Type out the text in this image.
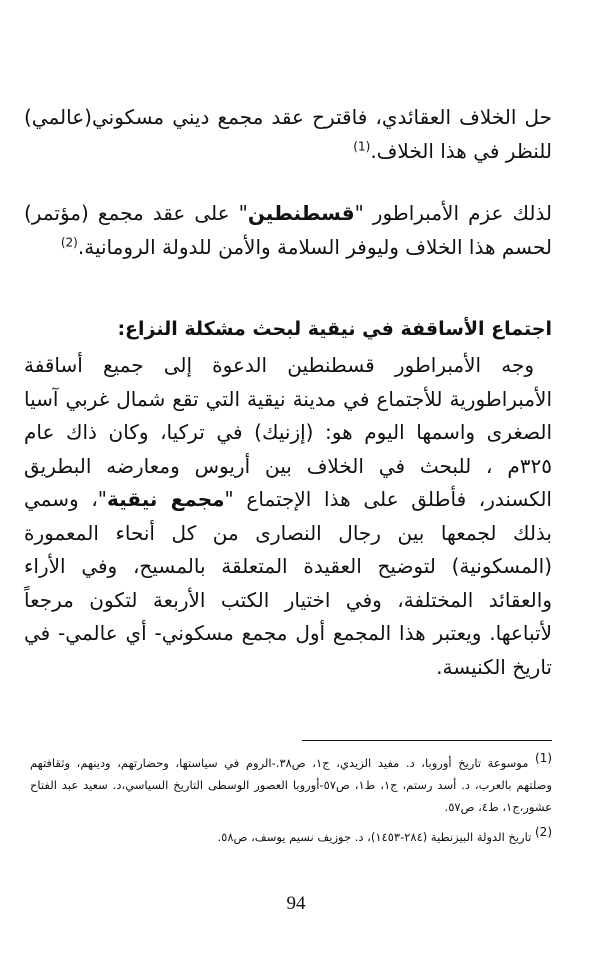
حل الخلاف العقائدي، فاقترح عقد مجمع ديني مسكوني(عالمي) للنظر في هذا الخلاف.$^{(1)}$

لذلك عزم الأمبراطور "قسطنطين" على عقد مجمع (مؤتمر) لحسم هذا الخلاف وليوفر السلامة والأمن للدولة الرومانية.$^{(2)}$

اجتماع الأساقفة في نيقية لبحث مشكلة النزاع:

وجه الأمبراطور قسطنطين الدعوة إلى جميع أساقفة الأمبراطورية للأجتماع في مدينة نيقية التي تقع شمال غربي آسيا الصغرى واسمها اليوم هو: (إزنيك) في تركيا، وكان ذاك عام ٣٢٥م ، للبحث في الخلاف بين أريوس ومعارضه البطريق الكسندر، فأطلق على هذا الإجتماع "مجمع نيقية"، وسمي بذلك لجمعها بين رجال النصارى من كل أنحاء المعمورة (المسكونية) لتوضيح العقيدة المتعلقة بالمسيح، وفي الأراء والعقائد المختلفة، وفي اختيار الكتب الأربعة لتكون مرجعاً لأتباعها. ويعتبر هذا المجمع أول مجمع مسكوني- أي عالمي- في تاريخ الكنيسة.

$^{(1)}$ موسوعة تاريخ أوروبا، د. مفيد الزيدي، ج١، ص٣٨.-الروم في سياستها، وحضارتهم، ودينهم، وثقافتهم وصلتهم بالعرب، د. أسد رستم، ج١، ط١، ص٥٧-أوروبا العصور الوسطى التاريخ السياسي،د. سعيد عبد الفتاح عشور،ج١، ط٤، ص٥٧.

$^{(2)}$ تاريخ الدولة البيزنطية (٢٨٤-١٤٥٣)، د. جوزيف نسيم يوسف، ص٥٨.

94
